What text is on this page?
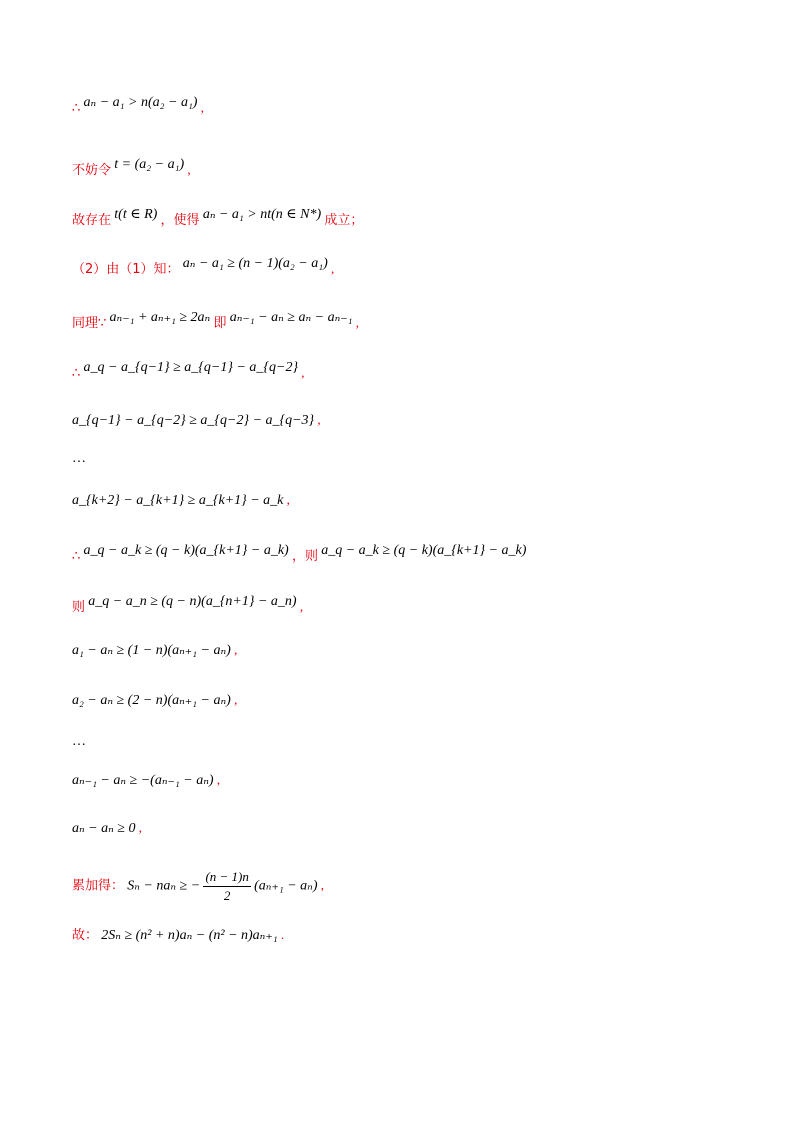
∴ aₙ − a₁ > n(a₂ − a₁) ,
不妨令 t = (a₂ − a₁) ,
故存在 t(t ∈ R) ，使得 aₙ − a₁ > nt(n ∈ N*) 成立；
（2）由（1）知： aₙ − a₁ ≥ (n − 1)(a₂ − a₁) ,
同理∵ aₙ₋₁ + aₙ₊₁ ≥ 2aₙ 即 aₙ₋₁ − aₙ ≥ aₙ − aₙ₋₁ ,
∴ a_q − a_{q−1} ≥ a_{q−1} − a_{q−2} ,
a_{q−1} − a_{q−2} ≥ a_{q−2} − a_{q−3} ,
…
a_{k+2} − a_{k+1} ≥ a_{k+1} − a_k ,
∴ a_q − a_k ≥ (q − k)(a_{k+1} − a_k) ，则 a_q − a_k ≥ (q − k)(a_{k+1} − a_k)
则 a_q − a_n ≥ (q − n)(a_{n+1} − a_n) ,
a₁ − aₙ ≥ (1 − n)(aₙ₊₁ − aₙ) ,
a₂ − aₙ ≥ (2 − n)(aₙ₊₁ − aₙ) ,
…
aₙ₋₁ − aₙ ≥ −(aₙ₋₁ − aₙ) ,
aₙ − aₙ ≥ 0 ,
累加得： Sₙ − naₙ ≥ − $\frac{(n - 1)n}{2} (a_{n+1} - a_n)$ ,
故： 2Sₙ ≥ (n² + n)aₙ − (n² − n)aₙ₊₁ .
